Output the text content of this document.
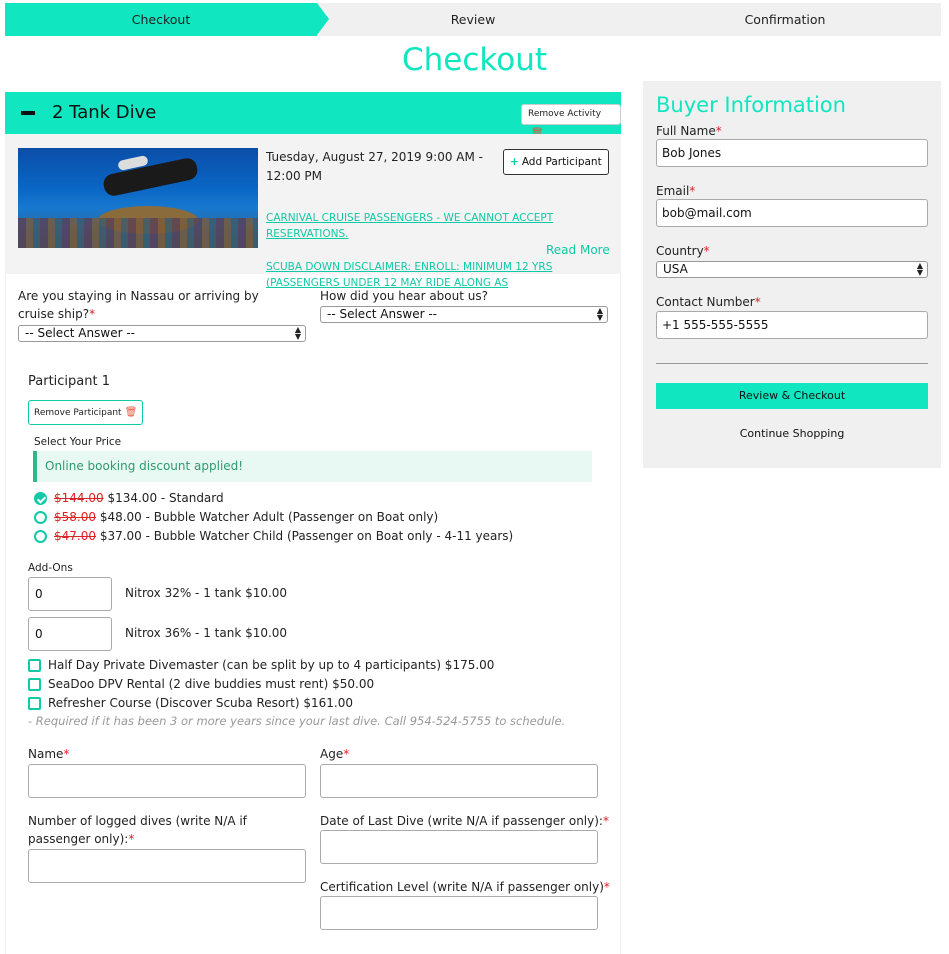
Checkout	Review	Confirmation
Checkout
2 Tank Dive	Remove Activity
Tuesday, August 27, 2019 9:00 AM - 12:00 PM
+ Add Participant
CARNIVAL CRUISE PASSENGERS - WE CANNOT ACCEPT RESERVATIONS.
SCUBA DOWN DISCLAIMER: ENROLL: MINIMUM 12 YRS (PASSENGERS UNDER 12 MAY RIDE ALONG AS
Read More
Are you staying in Nassau or arriving by cruise ship?*
-- Select Answer --	▲
▼
How did you hear about us?
-- Select Answer --	▲
▼
Participant 1
Remove Participant 🗑
Select Your Price
Online booking discount applied!
$144.00 $134.00 - Standard
$58.00 $48.00 - Bubble Watcher Adult (Passenger on Boat only)
$47.00 $37.00 - Bubble Watcher Child (Passenger on Boat only - 4-11 years)
Add-Ons
0	Nitrox 32% - 1 tank $10.00
0	Nitrox 36% - 1 tank $10.00
Half Day Private Divemaster (can be split by up to 4 participants) $175.00
SeaDoo DPV Rental (2 dive buddies must rent) $50.00
Refresher Course (Discover Scuba Resort) $161.00
- Required if it has been 3 or more years since your last dive. Call 954-524-5755 to schedule.
Name*	Age*
Number of logged dives (write N/A if passenger only):*
Date of Last Dive (write N/A if passenger only):*
Certification Level (write N/A if passenger only)*
Buyer Information
Full Name*
Bob Jones
Email*
bob@mail.com
Country*
USA	▲
▼
Contact Number*
+1 555-555-5555
Review & Checkout
Continue Shopping
